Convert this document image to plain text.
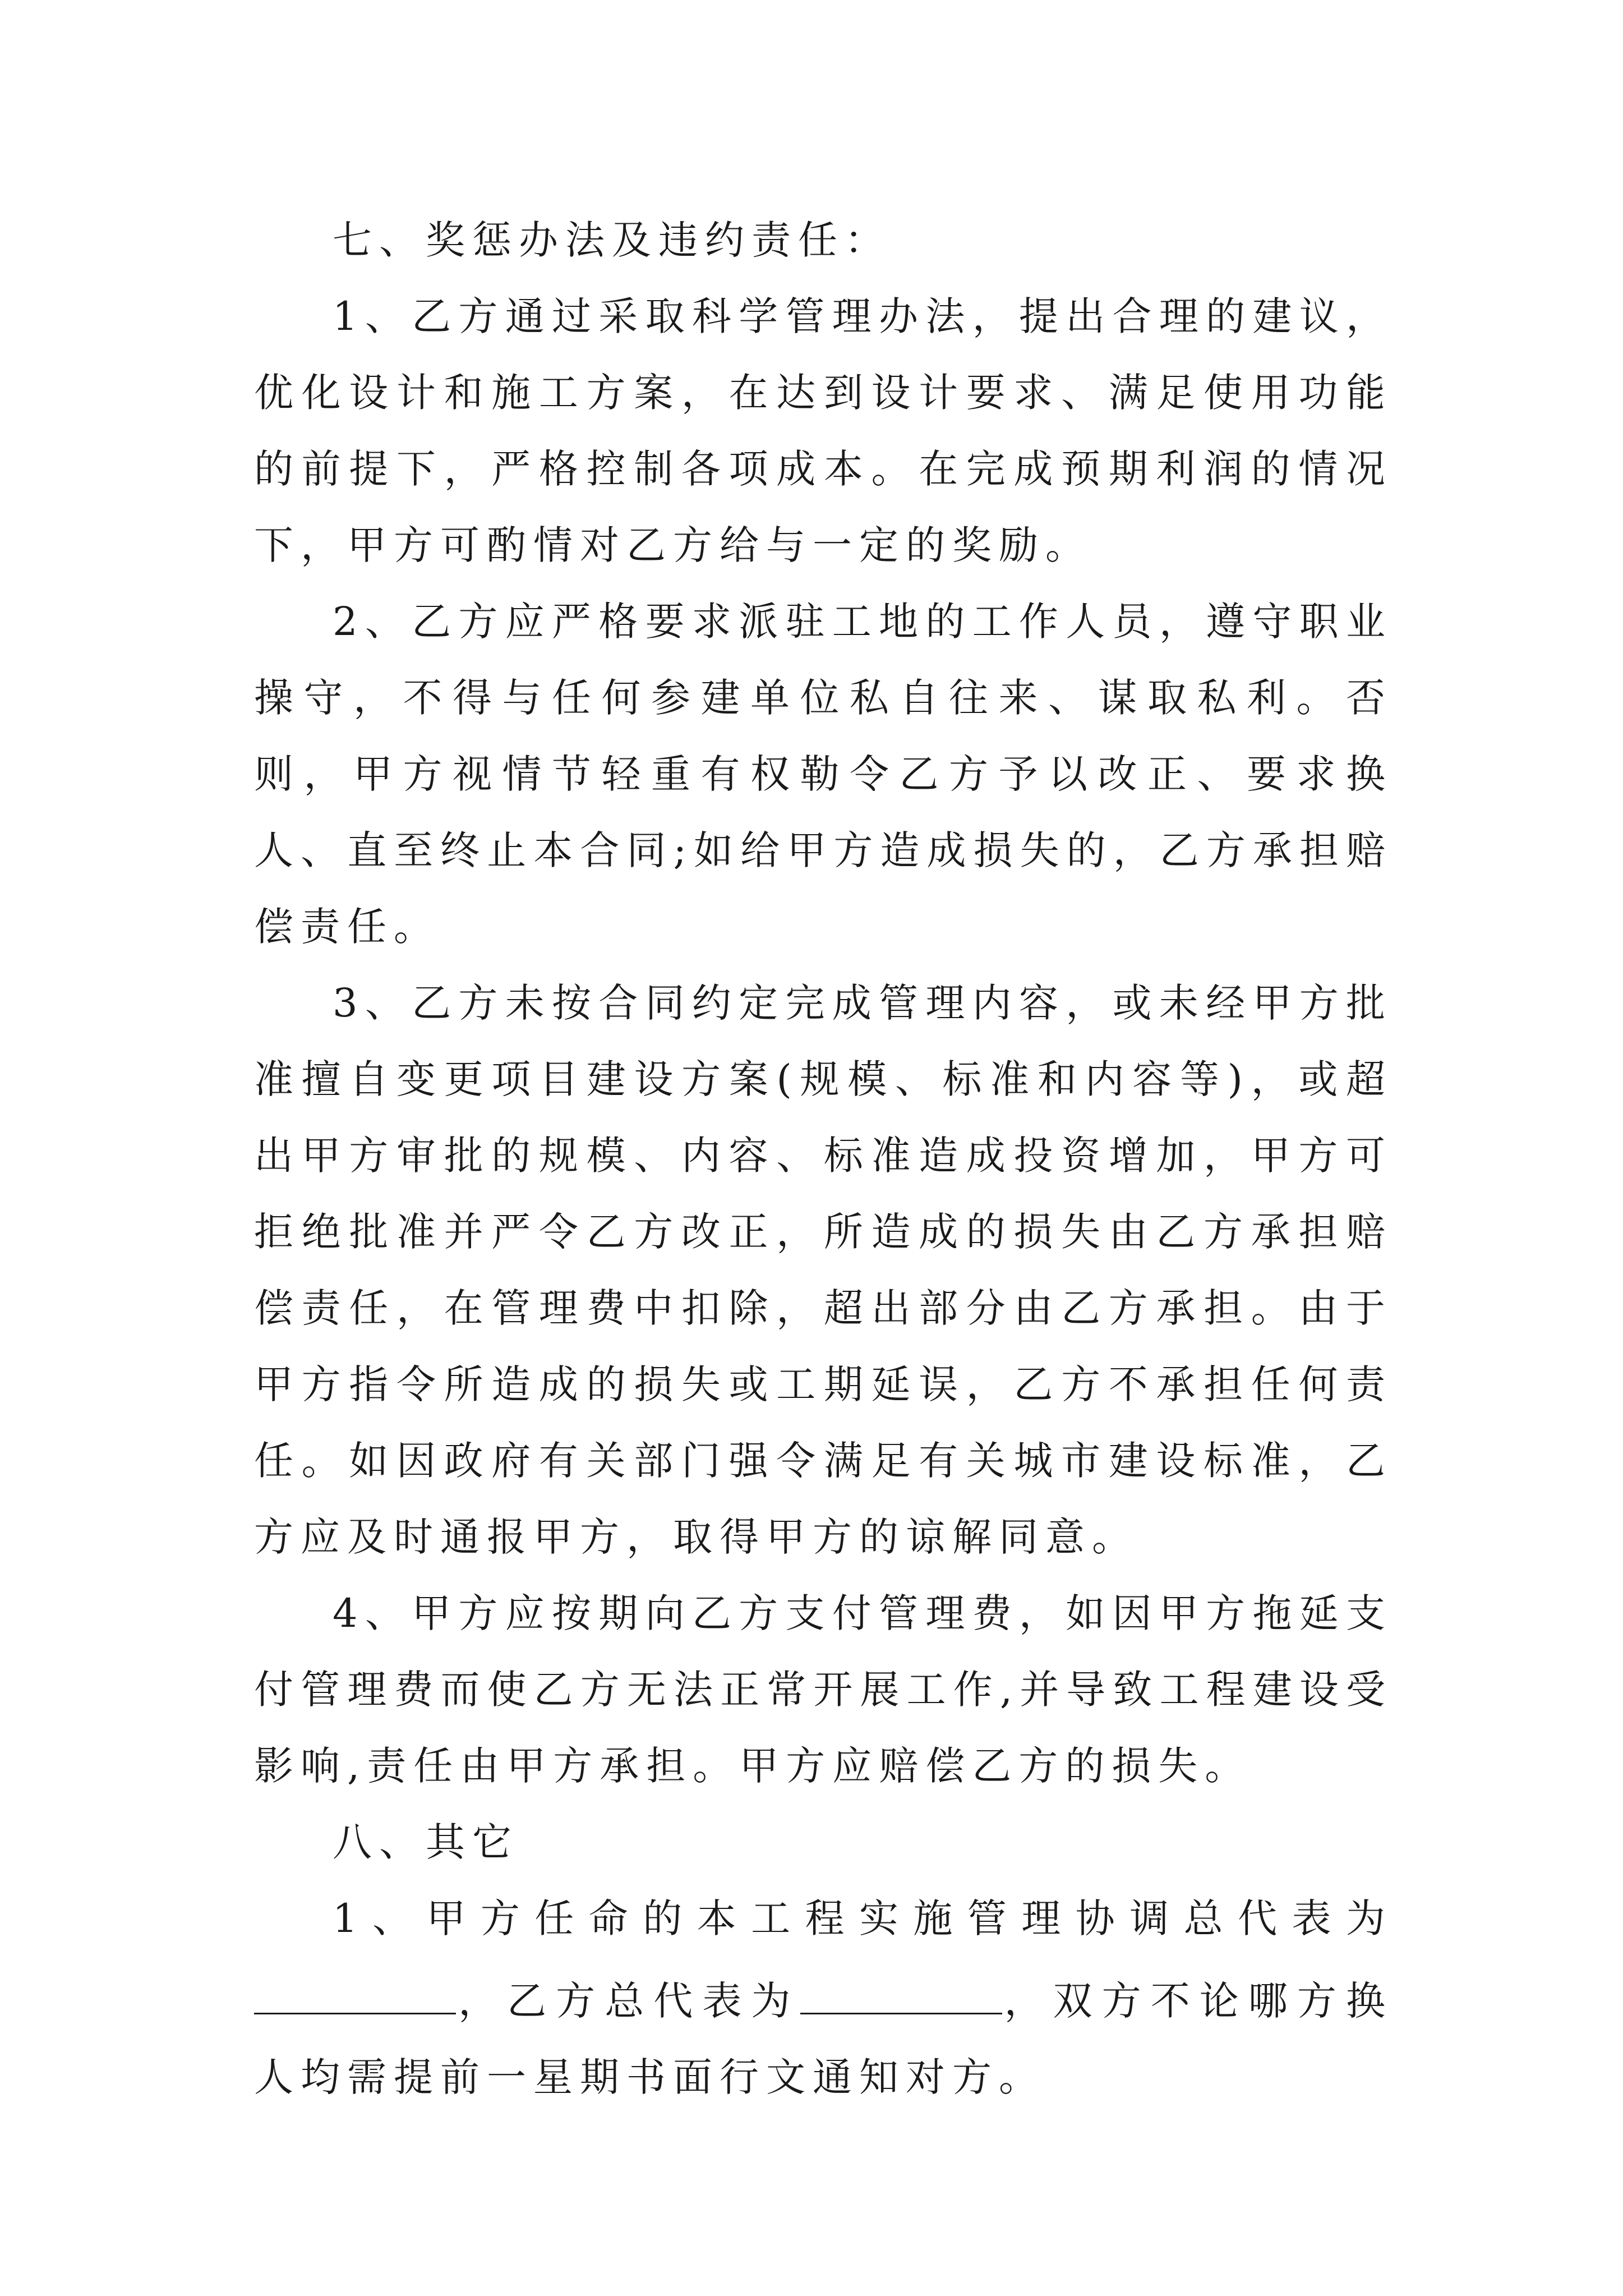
七、奖惩办法及违约责任：

1、乙方通过采取科学管理办法，提出合理的建议，优化设计和施工方案，在达到设计要求、满足使用功能的前提下，严格控制各项成本。在完成预期利润的情况下，甲方可酌情对乙方给与一定的奖励。

2、乙方应严格要求派驻工地的工作人员，遵守职业操守，不得与任何参建单位私自往来、谋取私利。否则，甲方视情节轻重有权勒令乙方予以改正、要求换人、直至终止本合同;如给甲方造成损失的，乙方承担赔偿责任。

3、乙方未按合同约定完成管理内容，或未经甲方批准擅自变更项目建设方案(规模、标准和内容等)，或超出甲方审批的规模、内容、标准造成投资增加，甲方可拒绝批准并严令乙方改正，所造成的损失由乙方承担赔偿责任，在管理费中扣除，超出部分由乙方承担。由于甲方指令所造成的损失或工期延误，乙方不承担任何责任。如因政府有关部门强令满足有关城市建设标准，乙方应及时通报甲方，取得甲方的谅解同意。

4、甲方应按期向乙方支付管理费，如因甲方拖延支付管理费而使乙方无法正常开展工作,并导致工程建设受影响,责任由甲方承担。甲方应赔偿乙方的损失。

八、其它

1、甲方任命的本工程实施管理协调总代表为，乙方总代表为	，双方不论哪方换人均需提前一星期书面行文通知对方。
